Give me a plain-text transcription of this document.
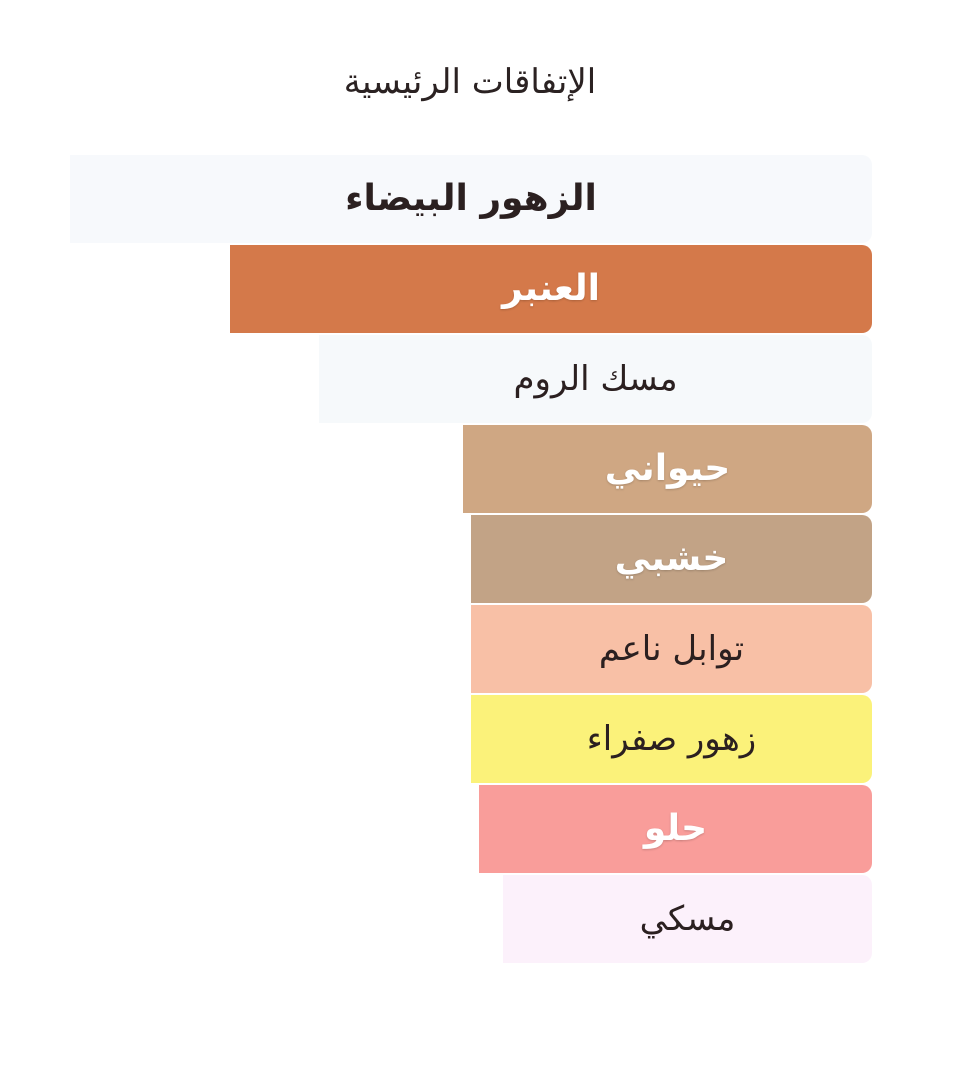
الإتفاقات الرئيسية
الزهور البيضاء
العنبر
مسك الروم
حيواني
خشبي
توابل ناعم
زهور صفراء
حلو
مسكي
